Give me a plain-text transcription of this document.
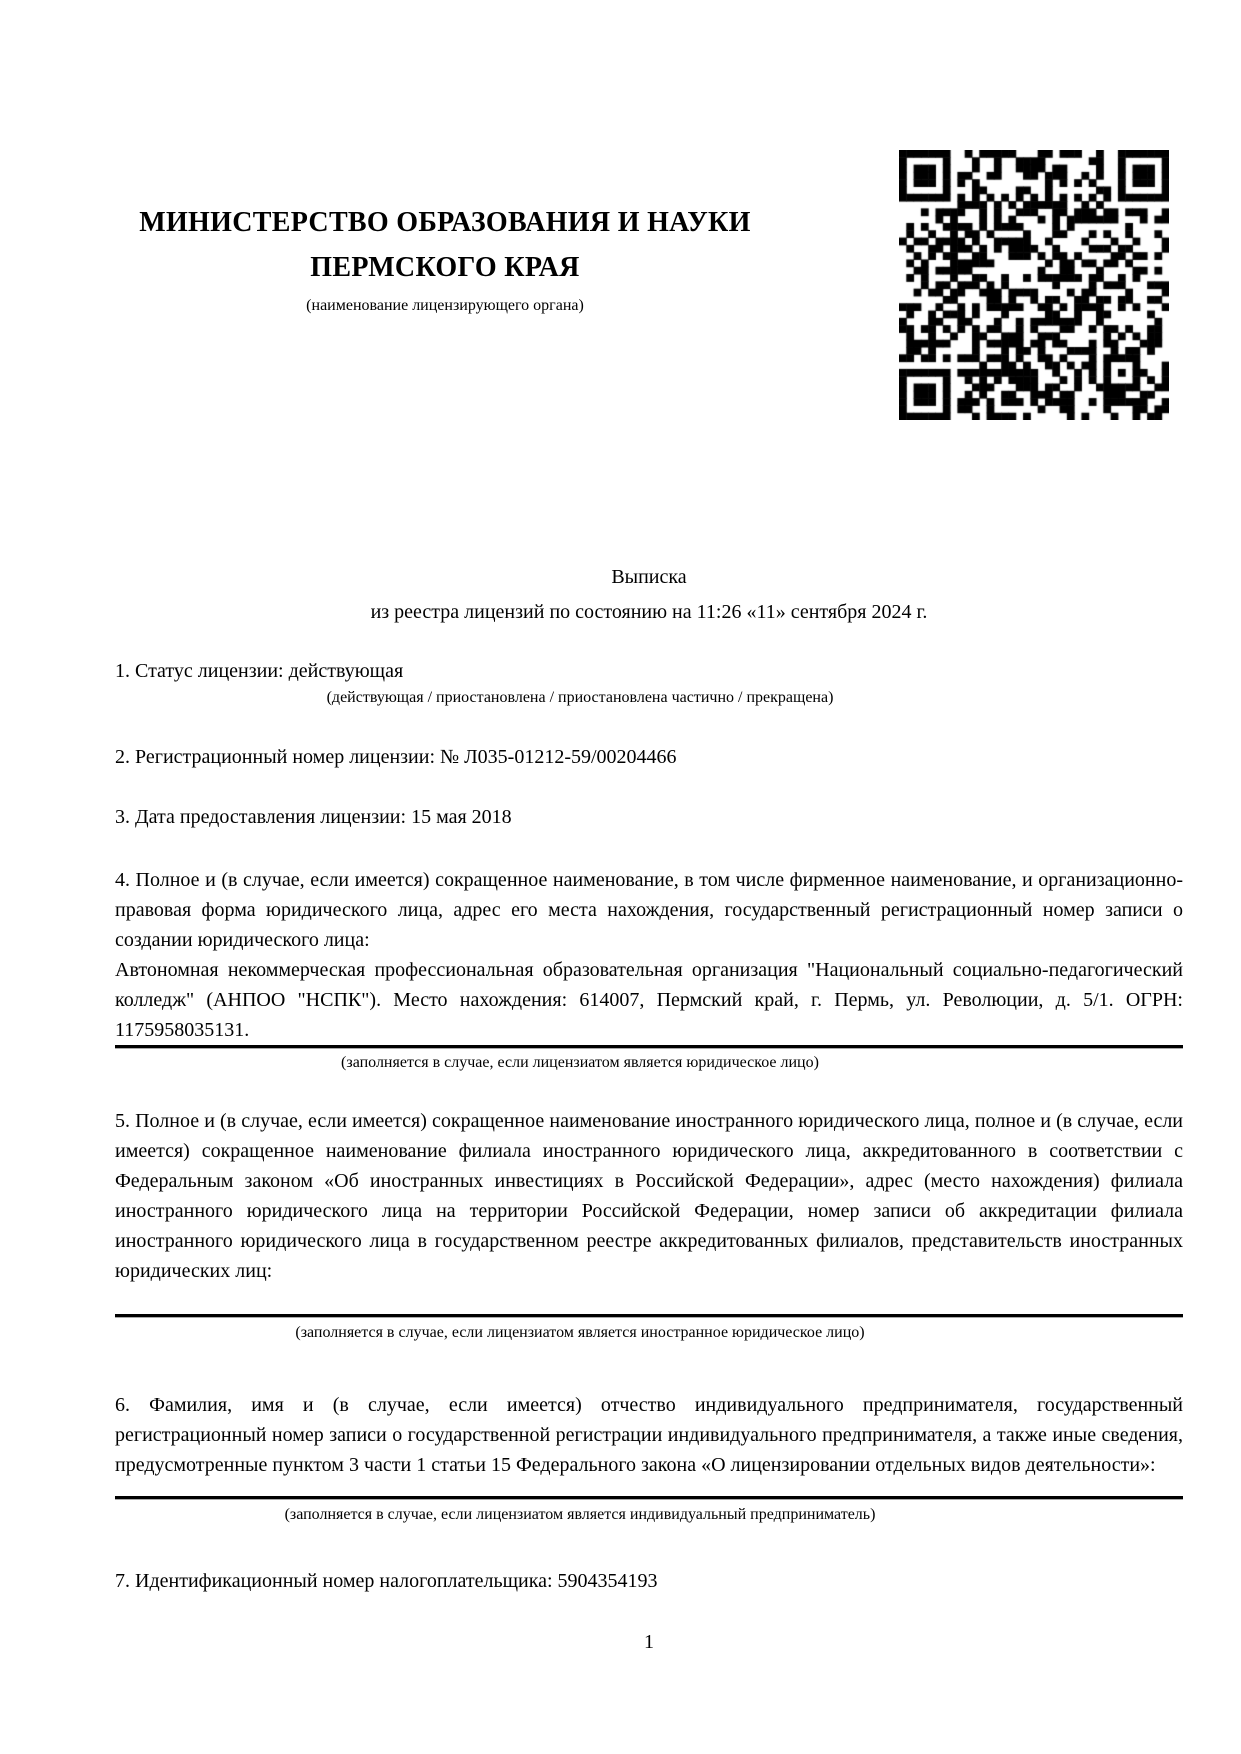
МИНИСТЕРСТВО ОБРАЗОВАНИЯ И НАУКИ
ПЕРМСКОГО КРАЯ
(наименование лицензирующего органа)
Выписка
из реестра лицензий по состоянию на 11:26 «11» сентября 2024 г.
1. Статус лицензии: действующая
(действующая / приостановлена / приостановлена частично / прекращена)
2. Регистрационный номер лицензии: № Л035-01212-59/00204466
3. Дата предоставления лицензии: 15 мая 2018
4. Полное и (в случае, если имеется) сокращенное наименование, в том числе фирменное наименование, и организационно-правовая форма юридического лица, адрес его места нахождения, государственный регистрационный номер записи о создании юридического лица:
Автономная некоммерческая профессиональная образовательная организация "Национальный социально-педагогический колледж" (АНПОО "НСПК"). Место нахождения: 614007, Пермский край, г. Пермь, ул. Революции, д. 5/1. ОГРН: 1175958035131.
(заполняется в случае, если лицензиатом является юридическое лицо)
5. Полное и (в случае, если имеется) сокращенное наименование иностранного юридического лица, полное и (в случае, если имеется) сокращенное наименование филиала иностранного юридического лица, аккредитованного в соответствии с Федеральным законом «Об иностранных инвестициях в Российской Федерации», адрес (место нахождения) филиала иностранного юридического лица на территории Российской Федерации, номер записи об аккредитации филиала иностранного юридического лица в государственном реестре аккредитованных филиалов, представительств иностранных юридических лиц:
(заполняется в случае, если лицензиатом является иностранное юридическое лицо)
6. Фамилия, имя и (в случае, если имеется) отчество индивидуального предпринимателя, государственный регистрационный номер записи о государственной регистрации индивидуального предпринимателя, а также иные сведения, предусмотренные пунктом 3 части 1 статьи 15 Федерального закона «О лицензировании отдельных видов деятельности»:
(заполняется в случае, если лицензиатом является индивидуальный предприниматель)
7. Идентификационный номер налогоплательщика: 5904354193
1
